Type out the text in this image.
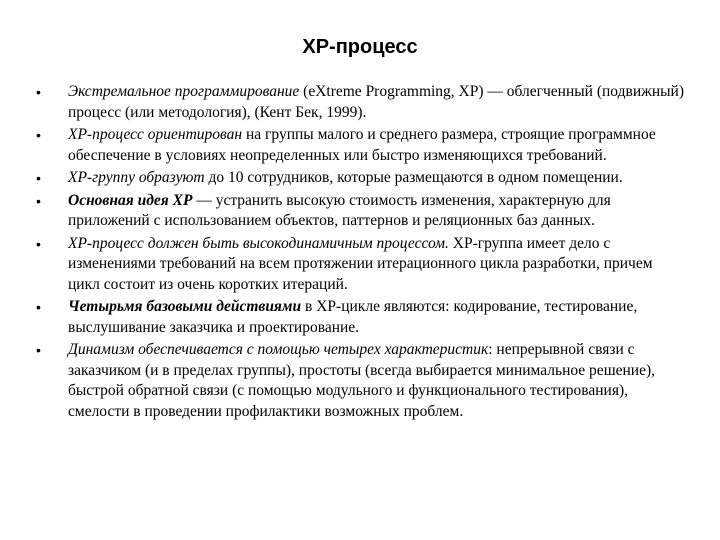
XP-процесс
•	Экстремальное программирование (eXtreme Programming, XP) — облегченный (подвижный) процесс (или методология), (Кент Бек, 1999).
•	XP-процесс ориентирован на группы малого и среднего размера, строящие программное обеспечение в условиях неопределенных или быстро изменяющихся требований.
•	XP-группу образуют до 10 сотрудников, которые размещаются в одном помещении.
•	Основная идея XP — устранить высокую стоимость изменения, характерную для приложений с использованием объектов, паттернов и реляционных баз данных.
•	XP-процесс должен быть высокодинамичным процессом. XP-группа имеет дело с изменениями требований на всем протяжении итерационного цикла разработки, причем цикл состоит из очень коротких итераций.
•	Четырьмя базовыми действиями в XP-цикле являются: кодирование, тестирование, выслушивание заказчика и проектирование.
•	Динамизм обеспечивается с помощью четырех характеристик: непрерывной связи с заказчиком (и в пределах группы), простоты (всегда выбирается минимальное решение), быстрой обратной связи (с помощью модульного и функционального тестирования), смелости в проведении профилактики возможных проблем.
